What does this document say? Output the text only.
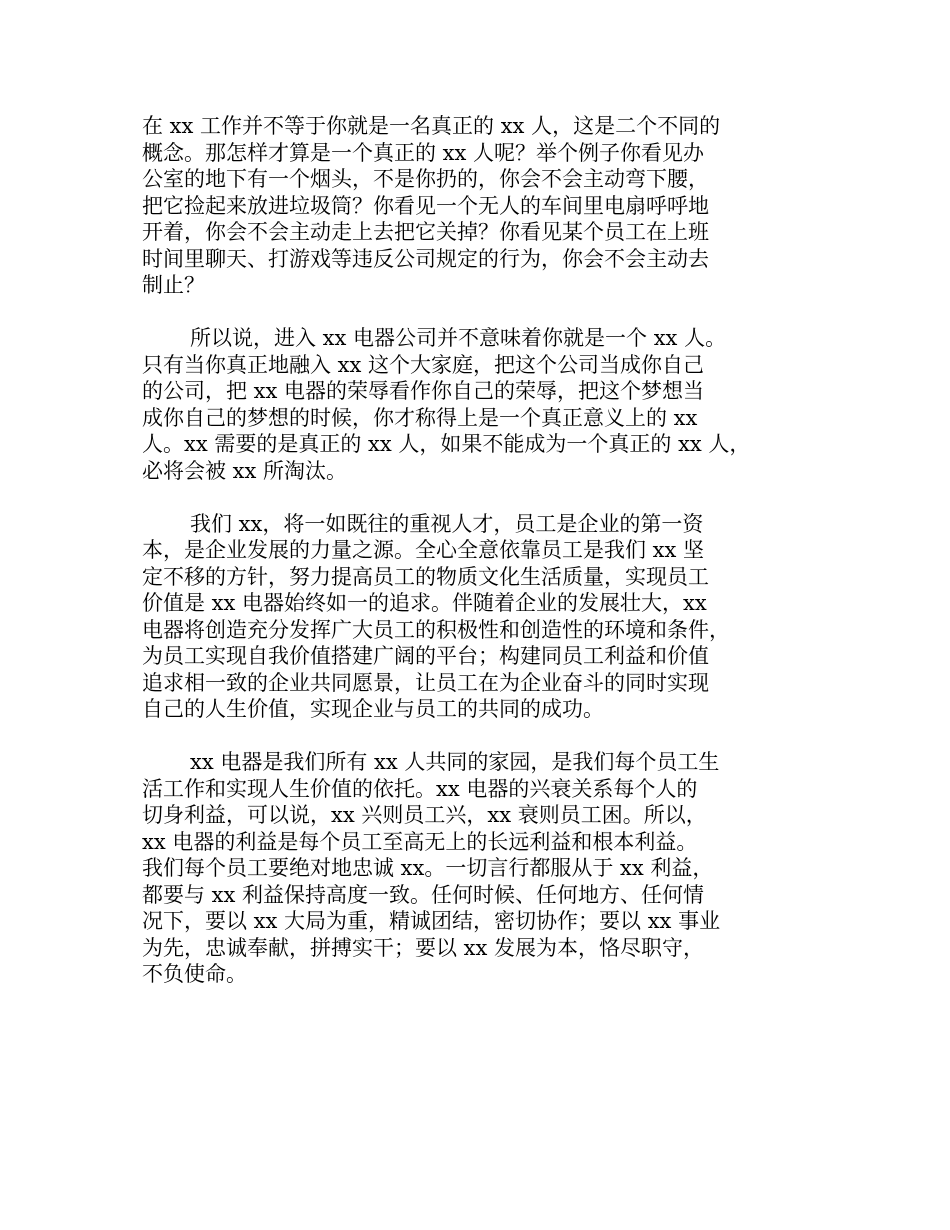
在 xx 工作并不等于你就是一名真正的 xx 人，这是二个不同的
概念。那怎样才算是一个真正的 xx 人呢？举个例子你看见办
公室的地下有一个烟头，不是你扔的，你会不会主动弯下腰，
把它捡起来放进垃圾筒？你看见一个无人的车间里电扇呼呼地
开着，你会不会主动走上去把它关掉？你看见某个员工在上班
时间里聊天、打游戏等违反公司规定的行为，你会不会主动去
制止？

所以说，进入 xx 电器公司并不意味着你就是一个 xx 人。
只有当你真正地融入 xx 这个大家庭，把这个公司当成你自己
的公司，把 xx 电器的荣辱看作你自己的荣辱，把这个梦想当
成你自己的梦想的时候，你才称得上是一个真正意义上的 xx
人。xx 需要的是真正的 xx 人，如果不能成为一个真正的 xx 人，
必将会被 xx 所淘汰。

我们 xx，将一如既往的重视人才，员工是企业的第一资
本，是企业发展的力量之源。全心全意依靠员工是我们 xx 坚
定不移的方针，努力提高员工的物质文化生活质量，实现员工
价值是 xx 电器始终如一的追求。伴随着企业的发展壮大，xx
电器将创造充分发挥广大员工的积极性和创造性的环境和条件，
为员工实现自我价值搭建广阔的平台；构建同员工利益和价值
追求相一致的企业共同愿景，让员工在为企业奋斗的同时实现
自己的人生价值，实现企业与员工的共同的成功。

xx 电器是我们所有 xx 人共同的家园，是我们每个员工生
活工作和实现人生价值的依托。xx 电器的兴衰关系每个人的
切身利益，可以说，xx 兴则员工兴，xx 衰则员工困。所以，
xx 电器的利益是每个员工至高无上的长远利益和根本利益。
我们每个员工要绝对地忠诚 xx。一切言行都服从于 xx 利益，
都要与 xx 利益保持高度一致。任何时候、任何地方、任何情
况下，要以 xx 大局为重，精诚团结，密切协作；要以 xx 事业
为先，忠诚奉献，拼搏实干；要以 xx 发展为本，恪尽职守，
不负使命。
